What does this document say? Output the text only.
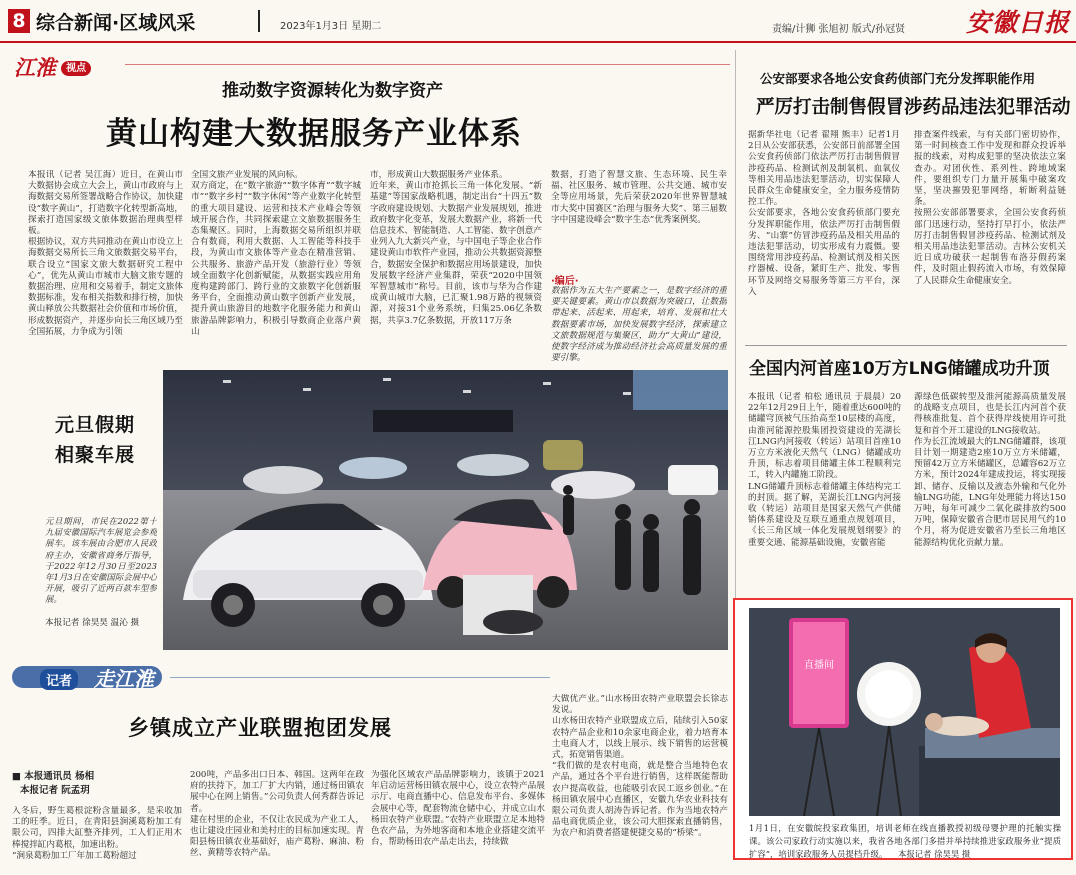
8 综合新闻·区域风采	2023年1月3日 星期二	责编/计狮 张旭初 版式/孙冠贤 安徽日报
江淮 $^{视点}$
推动数字资源转化为数字资产
黄山构建大数据服务产业体系
本报讯（记者 吴江海）近日，在黄山市大数据协会成立大会上，黄山市政府与上海数据交易所签署战略合作协议，加快建设“数字黄山”，打造数字化转型新高地，探索打造国家级文旅体数据治理典型样板。
根据协议，双方共同推动在黄山市设立上海数据交易所长三角文旅数据交易平台，联合设立“国家文旅大数据研究工程中心”，优先从黄山市城市大脑文旅专题的数据治理、应用和交易着手，制定文旅体数据标准，发布相关指数和排行榜，加快黄山释放公共数据社会价值和市场价值，形成数据资产，并逐步向长三角区域乃至全国拓展，力争成为引领
全国文旅产业发展的风向标。
双方商定，在“数字旅游”“数字体育”“数字城市”“数字乡村”“数字休闲”等产业数字化转型的重大项目建设、运营和技术产业峰会等领域开展合作，共同探索建立文旅数据服务生态集聚区。同时，上海数据交易所组织并联合有数商，利用大数据、人工智能等科技手段，为黄山市文旅体等产业态在精准营销、公共服务、旅游产品开发（旅游行业）等领域全面数字化创新赋能，从数据实践应用角度构建跨部门、跨行业的文旅数字化创新服务平台，全面推动黄山数字创新产业发展，提升黄山旅游目的地数字化服务能力和黄山旅游品牌影响力，积极引导数商企业落户黄山
市，形成黄山大数据服务产业体系。
近年来，黄山市抢抓长三角一体化发展、“新基建”等国家战略机遇，制定出台“十四五”数字政府建设规划、大数据产业发展规划，推进政府数字化变革，发展大数据产业，将新一代信息技术、智能制造、人工智能、数字创意产业列入九大新兴产业，与中国电子等企业合作建设黄山市软件产业园，推动公共数据资源整合，数据安全保护和数据应用场景建设，加快发展数字经济产业集群，荣获“2020中国领军智慧城市”称号。目前，该市与华为合作建成黄山城市大脑，已汇聚1.98万路的视频资源，对接31个业务系统，归集25.06亿条数据，共享3.7亿条数据，开放117万条
数据，打造了智慧文旅、生态环境、民生幸福、社区服务、城市管理、公共交通、城市安全等应用场景，先后荣获2020年世界智慧城市大奖中国赛区“治理与服务大奖”、第三届数字中国建设峰会“数字生态”优秀案例奖。
·编后·
数据作为五大生产要素之一，是数字经济的重要关键要素。黄山市以数据为突破口，让数据带起来、活起来、用起来，培育、发展和壮大数据要素市场，加快发展数字经济，探索建立文旅数据规范与集聚区，助力“大黄山”建设，使数字经济成为推动经济社会高质量发展的重要引擎。
元旦假期
相聚车展
元旦期间，市民在2022第十九届安徽国际汽车展览会参观展车。该车展由合肥市人民政府主办，安徽省商务厅指导，于2022年12月30日至2023年1月3日在安徽国际会展中心开展，吸引了近两百款车型参展。
本报记者 徐昊昊 温沁 摄
公安部要求各地公安食药侦部门充分发挥职能作用
严厉打击制售假冒涉药品违法犯罪活动
据新华社电（记者 翟翔 熊丰）记者1月2日从公安部获悉，公安部日前部署全国公安食药侦部门依法严厉打击制售假冒涉疫药品、检测试剂及制氧机、血氧仪等相关用品违法犯罪活动，切实保障人民群众生命健康安全，全力服务疫情防控工作。
公安部要求，各地公安食药侦部门要充分发挥职能作用，依法严厉打击制售假劣、“山寨”仿冒涉疫药品及相关用品的违法犯罪活动，切实形成有力震慑。要围绕常用涉疫药品、检测试剂及相关医疗器械、设备，紧盯生产、批发、零售环节及网络交易服务等第三方平台，深入
排查案件线索，与有关部门密切协作，第一时间核查工作中发现和群众投诉举报的线索，对构成犯罪的坚决依法立案查办。对团伙性、系列性、跨地域案件，要组织专门力量开展集中破案攻坚，坚决摧毁犯罪网络，斩断利益链条。
按照公安部部署要求，全国公安食药侦部门迅速行动，坚持打早打小，依法严厉打击制售假冒涉疫药品、检测试剂及相关用品违法犯罪活动。吉林公安机关近日成功破获一起制售布洛芬假药案件，及时阻止假药流入市场，有效保障了人民群众生命健康安全。
全国内河首座10万方LNG储罐成功升顶
本报讯（记者 柏松 通讯员 于晨晨）2022年12月29日上午，随着重达600吨的储罐穹顶被气压抬高至10层楼的高度，由淮河能源控股集团投资建设的芜湖长江LNG内河接收（转运）站项目首座10万立方米液化天然气（LNG）储罐成功升顶，标志着项目储罐主体工程顺利完工，转入内罐施工阶段。
LNG储罐升顶标志着储罐主体结构完工的封顶。据了解，芜湖长江LNG内河接收（转运）站项目是国家天然气产供储销体系建设及互联互通重点规划项目，《长三角区域一体化发展规划纲要》的重要交通、能源基础设施，安徽省能
源绿色低碳转型及淮河能源高质量发展的战略支点项目，也是长江内河首个获得核准批复、首个获得岸线使用许可批复和首个开工建设的LNG接收站。
作为长江流域最大的LNG储罐群，该项目计划一期建造2座10万立方米储罐，预留42万立方米储罐区，总罐容62万立方米，预计2024年建成投运，将实现接卸、储存、反输以及液态外输和气化外输LNG功能，LNG年处理能力将达150万吨，每年可减少二氧化碳排放约500万吨，保障安徽省合肥市居民用气约10个月，将为促进安徽省乃至长三角地区能源结构优化贡献力量。
直播间
1月1日，在安徽皖投家政集团，培训老师在线直播教授初级母婴护理的托触实操课。该公司家政行动实施以来，我省各地各部门多措并举持续推进家政服务业“提质扩容”，培训家政服务人员提档升级。 本报记者 徐昊昊 摄
记者	走江淮
乡镇成立产业联盟抱团发展
■ 本报通讯员 杨相
本报记者 阮孟玥
入冬后，野生葛根淀粉含量最多，是采收加工的旺季。近日，在青阳县涧溪葛粉加工有限公司，四排大缸整齐排列，工人们正用木棒搅拌缸内葛根，加速出粉。
“涧泉葛粉加工厂年加工葛粉超过
200吨，产品多出口日本、韩国。这两年在政府的扶持下，加工厂扩大内销，通过杨田镇农展中心在网上销售。”公司负责人何秀群告诉记者。
建在村里的企业，不仅让农民成为产业工人，也让建设庄园业和美村庄的目标加速实现。青阳县杨田镇农业基础好，庙产葛粉、麻油、粉丝、黄精等农特产品。
为强化区域农产品品牌影响力，该镇于2021年启动运营杨田镇农展中心，设立农特产品展示厅、电商直播中心、信息发布平台、多媒体会展中心等，配套物流仓储中心，并成立山水杨田农特产业联盟。”农特产业联盟立足本地特色农产品，为外地客商和本地企业搭建交流平台，帮助杨田农产品走出去，持续做
大做优产业。”山水杨田农特产业联盟会长徐志发说。
山水杨田农特产业联盟成立后，陆续引入50家农特产品企业和10余家电商企业，着力培育本土电商人才，以线上展示、线下销售的运营模式，拓宽销售渠道。
“我们做的是农村电商，就是整合当地特色农产品，通过各个平台进行销售，这样既能帮助农户提高收益，也能吸引农民工返乡创业。”在杨田镇农展中心直播区，安徽九华农业科技有限公司负责人胡涛告诉记者。作为当地农特产品电商优质企业，该公司大胆探索直播销售，为农户和消费者搭建便捷交易的“桥梁”。
